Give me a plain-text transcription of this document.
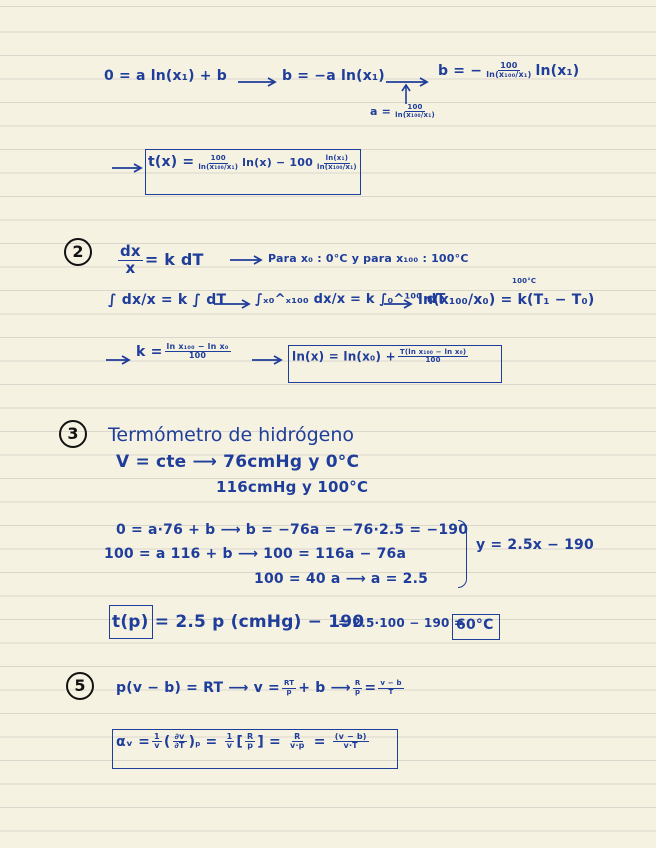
0 = a ln(x₁) + b	b = −a ln(x₁)	b = − $\frac{100}{\text{ln(x₁₀₀/x₁)}} \ln(x_1)$
$a = \frac{100}{\text{ln(x₁₀₀/x₁)}}$
$t(x) = \frac{100}{\text{ln(x₁₀₀/x₁)}} \ln(x) - 100 \frac{\text{ln(x₁)}}{\text{ln(x₁₀₀/x₁)}}$
2	$\frac{dx}{x} = k$ dT	Para x₀ : 0°C y para x₁₀₀ : 100°C
100°C
∫ dx/x = k ∫ dT ∫ₓ₀^ₓ₁₀₀ dx/x = k ∫₀^¹⁰⁰ dT
ln(x₁₀₀/x₀) = k(T₁ − T₀)
$k = \frac{\text{ln x₁₀₀ − ln x₀}}{100}$	$\ln(x) = \ln(x_0) + \frac{\text{T(ln x₁₀₀ − ln x₀)}}{100}$
3	Termómetro de hidrógeno
V = cte ⟶ 76cmHg y 0°C
116cmHg y 100°C
0 = a·76 + b ⟶ b = −76a = −76·2.5 = −190
100 = a 116 + b ⟶ 100 = 116a − 76a
100 = 40 a ⟶ a = 2.5
y = 2.5x − 190
t(p) = 2.5 p (cmHg) − 190
= 2.5·100 − 190 =
60°C
5	p(v − b) = RT ⟶ $v = \frac{RT}{p} + b$ ⟶ $\frac{R}{p} = \frac{v - b}{T}$
αᵥ = $\frac{1}{v}$ ( $\frac{\partial v}{\partial T} )p = \frac{1}{v}$ [ $\frac{R}{p}$ ] = $\frac{R}{v\cdot p} = \frac{(v - b)}{v\cdot T}$
